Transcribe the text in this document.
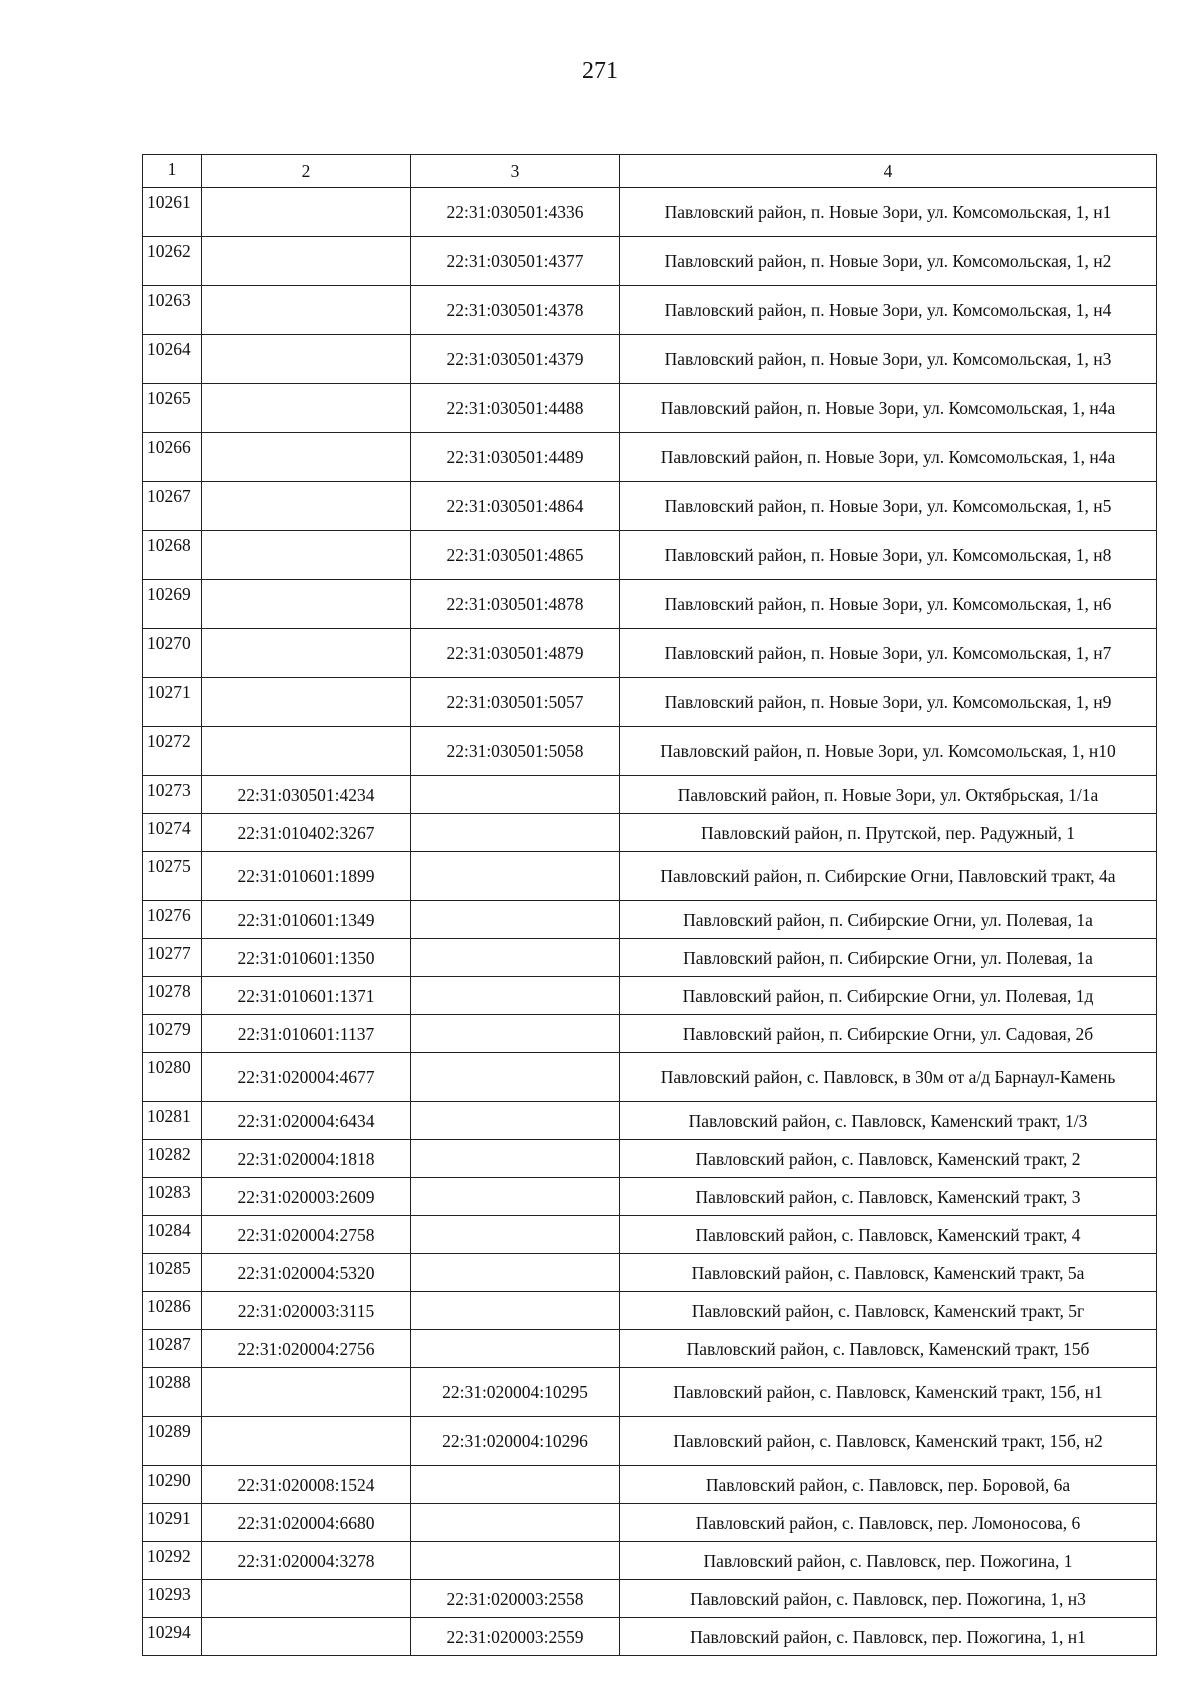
271
1	2	3	4
10261		22:31:030501:4336	Павловский район, п. Новые Зори, ул. Комсомольская, 1, н1
10262		22:31:030501:4377	Павловский район, п. Новые Зори, ул. Комсомольская, 1, н2
10263		22:31:030501:4378	Павловский район, п. Новые Зори, ул. Комсомольская, 1, н4
10264		22:31:030501:4379	Павловский район, п. Новые Зори, ул. Комсомольская, 1, н3
10265		22:31:030501:4488	Павловский район, п. Новые Зори, ул. Комсомольская, 1, н4а
10266		22:31:030501:4489	Павловский район, п. Новые Зори, ул. Комсомольская, 1, н4а
10267		22:31:030501:4864	Павловский район, п. Новые Зори, ул. Комсомольская, 1, н5
10268		22:31:030501:4865	Павловский район, п. Новые Зори, ул. Комсомольская, 1, н8
10269		22:31:030501:4878	Павловский район, п. Новые Зори, ул. Комсомольская, 1, н6
10270		22:31:030501:4879	Павловский район, п. Новые Зори, ул. Комсомольская, 1, н7
10271		22:31:030501:5057	Павловский район, п. Новые Зори, ул. Комсомольская, 1, н9
10272		22:31:030501:5058	Павловский район, п. Новые Зори, ул. Комсомольская, 1, н10
10273	22:31:030501:4234		Павловский район, п. Новые Зори, ул. Октябрьская, 1/1а
10274	22:31:010402:3267		Павловский район, п. Прутской, пер. Радужный, 1
10275	22:31:010601:1899		Павловский район, п. Сибирские Огни, Павловский тракт, 4а
10276	22:31:010601:1349		Павловский район, п. Сибирские Огни, ул. Полевая, 1а
10277	22:31:010601:1350		Павловский район, п. Сибирские Огни, ул. Полевая, 1а
10278	22:31:010601:1371		Павловский район, п. Сибирские Огни, ул. Полевая, 1д
10279	22:31:010601:1137		Павловский район, п. Сибирские Огни, ул. Садовая, 2б
10280	22:31:020004:4677		Павловский район, с. Павловск, в 30м от а/д Барнаул-Камень
10281	22:31:020004:6434		Павловский район, с. Павловск, Каменский тракт, 1/3
10282	22:31:020004:1818		Павловский район, с. Павловск, Каменский тракт, 2
10283	22:31:020003:2609		Павловский район, с. Павловск, Каменский тракт, 3
10284	22:31:020004:2758		Павловский район, с. Павловск, Каменский тракт, 4
10285	22:31:020004:5320		Павловский район, с. Павловск, Каменский тракт, 5а
10286	22:31:020003:3115		Павловский район, с. Павловск, Каменский тракт, 5г
10287	22:31:020004:2756		Павловский район, с. Павловск, Каменский тракт, 15б
10288		22:31:020004:10295	Павловский район, с. Павловск, Каменский тракт, 15б, н1
10289		22:31:020004:10296	Павловский район, с. Павловск, Каменский тракт, 15б, н2
10290	22:31:020008:1524		Павловский район, с. Павловск, пер. Боровой, 6а
10291	22:31:020004:6680		Павловский район, с. Павловск, пер. Ломоносова, 6
10292	22:31:020004:3278		Павловский район, с. Павловск, пер. Пожогина, 1
10293		22:31:020003:2558	Павловский район, с. Павловск, пер. Пожогина, 1, н3
10294		22:31:020003:2559	Павловский район, с. Павловск, пер. Пожогина, 1, н1
